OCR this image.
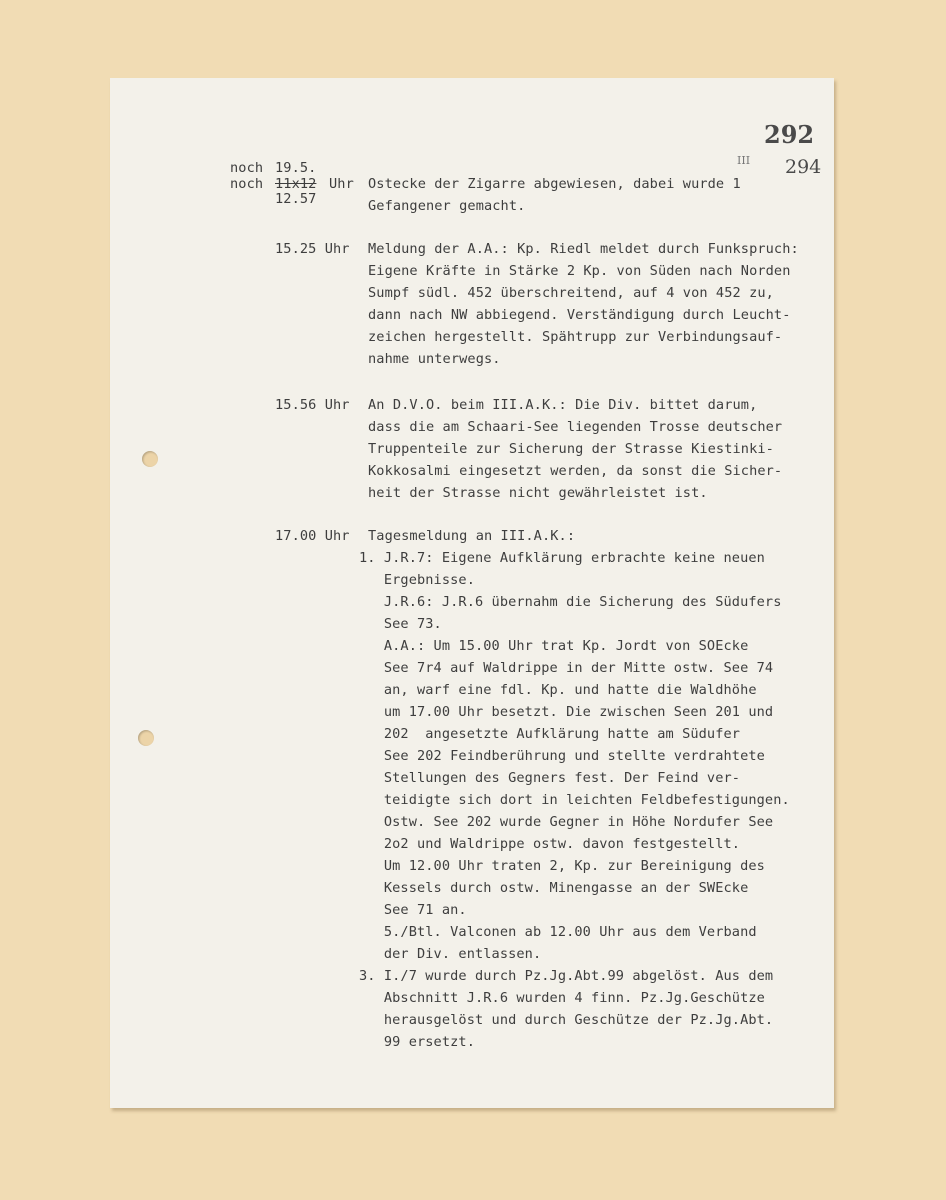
292
III 294
noch 19.5.
noch 11x12
12.57
Uhr Ostecke der Zigarre abgewiesen, dabei wurde 1
Gefangener gemacht.
15.25 Uhr Meldung der A.A.: Kp. Riedl meldet durch Funkspruch:
Eigene Kräfte in Stärke 2 Kp. von Süden nach Norden
Sumpf südl. 452 überschreitend, auf 4 von 452 zu,
dann nach NW abbiegend. Verständigung durch Leucht-
zeichen hergestellt. Spähtrupp zur Verbindungsauf-
nahme unterwegs.
15.56 Uhr An D.V.O. beim III.A.K.: Die Div. bittet darum,
dass die am Schaari-See liegenden Trosse deutscher
Truppenteile zur Sicherung der Strasse Kiestinki-
Kokkosalmi eingesetzt werden, da sonst die Sicher-
heit der Strasse nicht gewährleistet ist.
17.00 Uhr Tagesmeldung an III.A.K.:
1. J.R.7: Eigene Aufklärung erbrachte keine neuen
Ergebnisse.
J.R.6: J.R.6 übernahm die Sicherung des Südufers
See 73.
A.A.: Um 15.00 Uhr trat Kp. Jordt von SOEcke
See 7r4 auf Waldrippe in der Mitte ostw. See 74
an, warf eine fdl. Kp. und hatte die Waldhöhe
um 17.00 Uhr besetzt. Die zwischen Seen 201 und
202  angesetzte Aufklärung hatte am Südufer
See 202 Feindberührung und stellte verdrahtete
Stellungen des Gegners fest. Der Feind ver-
teidigte sich dort in leichten Feldbefestigungen.
Ostw. See 202 wurde Gegner in Höhe Nordufer See
2o2 und Waldrippe ostw. davon festgestellt.
Um 12.00 Uhr traten 2, Kp. zur Bereinigung des
Kessels durch ostw. Minengasse an der SWEcke
See 71 an.
5./Btl. Valconen ab 12.00 Uhr aus dem Verband
der Div. entlassen.
3. I./7 wurde durch Pz.Jg.Abt.99 abgelöst. Aus dem
Abschnitt J.R.6 wurden 4 finn. Pz.Jg.Geschütze
herausgelöst und durch Geschütze der Pz.Jg.Abt.
99 ersetzt.
